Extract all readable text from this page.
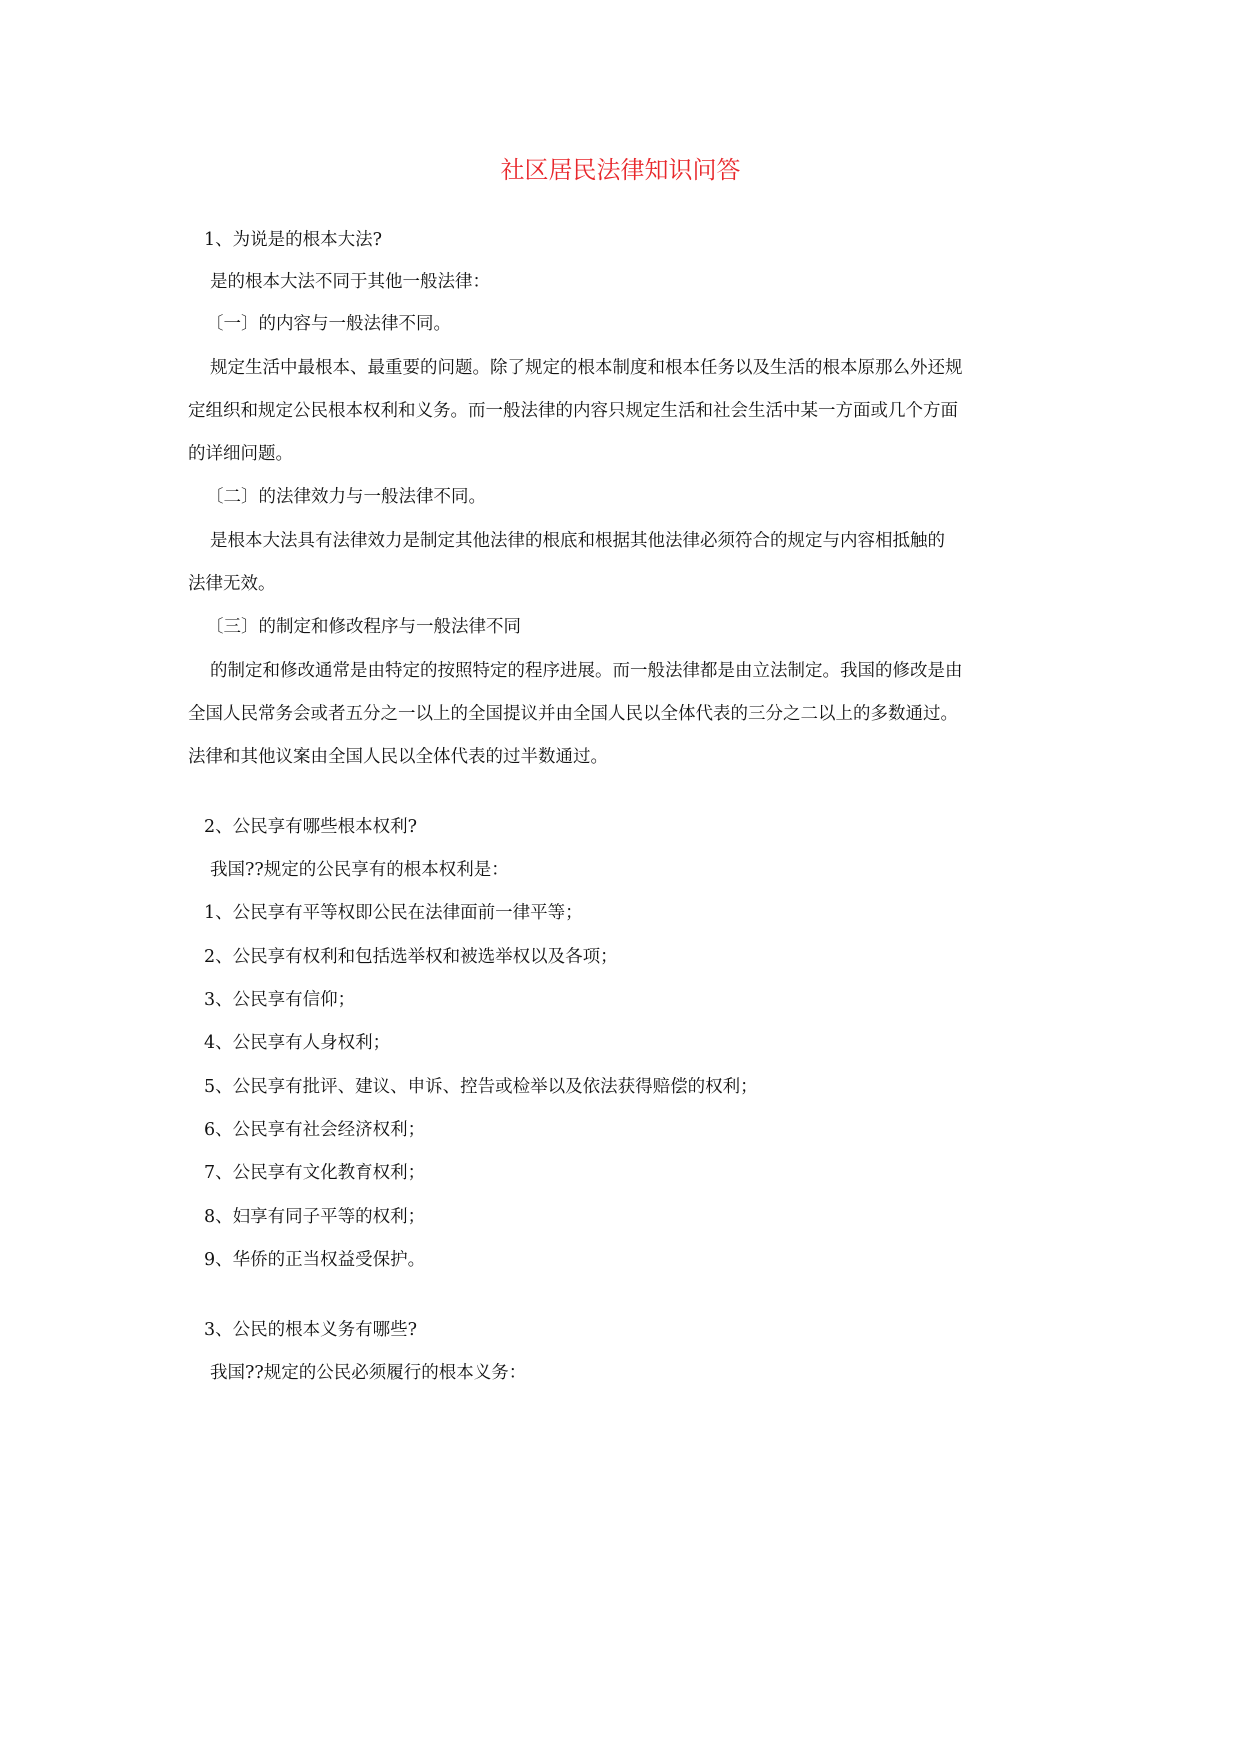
社区居民法律知识问答
1、为说是的根本大法?
是的根本大法不同于其他一般法律：
〔一〕的内容与一般法律不同。
规定生活中最根本、最重要的问题。除了规定的根本制度和根本任务以及生活的根本原那么外还规
定组织和规定公民根本权利和义务。而一般法律的内容只规定生活和社会生活中某一方面或几个方面
的详细问题。
〔二〕的法律效力与一般法律不同。
是根本大法具有法律效力是制定其他法律的根底和根据其他法律必须符合的规定与内容相抵触的
法律无效。
〔三〕的制定和修改程序与一般法律不同
的制定和修改通常是由特定的按照特定的程序进展。而一般法律都是由立法制定。我国的修改是由
全国人民常务会或者五分之一以上的全国提议并由全国人民以全体代表的三分之二以上的多数通过。
法律和其他议案由全国人民以全体代表的过半数通过。
2、公民享有哪些根本权利?
我国??规定的公民享有的根本权利是：
1、公民享有平等权即公民在法律面前一律平等；
2、公民享有权利和包括选举权和被选举权以及各项；
3、公民享有信仰；
4、公民享有人身权利；
5、公民享有批评、建议、申诉、控告或检举以及依法获得赔偿的权利；
6、公民享有社会经济权利；
7、公民享有文化教育权利；
8、妇享有同子平等的权利；
9、华侨的正当权益受保护。
3、公民的根本义务有哪些?
我国??规定的公民必须履行的根本义务：
